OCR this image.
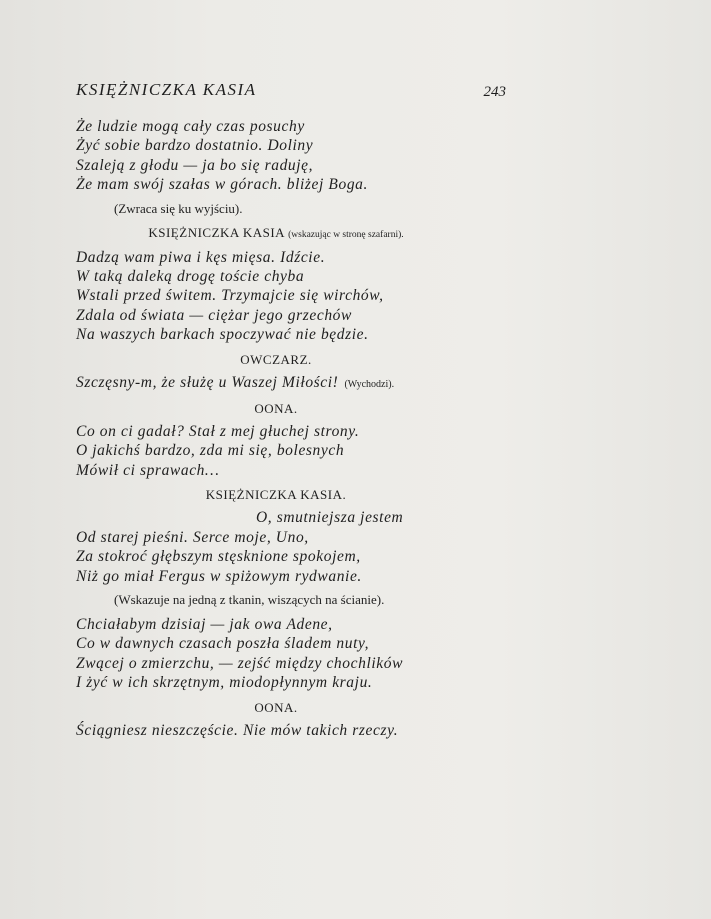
KSIĘŻNICZKA KASIA	243
Że ludzie mogą cały czas posuchy
Żyć sobie bardzo dostatnio. Doliny
Szaleją z głodu — ja bo się raduję,
Że mam swój szałas w górach. bliżej Boga.
(Zwraca się ku wyjściu).
KSIĘŻNICZKA KASIA (wskazując w stronę szafarni).
Dadzą wam piwa i kęs mięsa. Idźcie.
W taką daleką drogę toście chyba
Wstali przed świtem. Trzymajcie się wirchów,
Zdala od świata — ciężar jego grzechów
Na waszych barkach spoczywać nie będzie.
OWCZARZ.
Szczęsny-m, że służę u Waszej Miłości! (Wychodzi).
OONA.
Co on ci gadał? Stał z mej głuchej strony.
O jakichś bardzo, zda mi się, bolesnych
Mówił ci sprawach…
KSIĘŻNICZKA KASIA.
O, smutniejsza jestem
Od starej pieśni. Serce moje, Uno,
Za stokroć głębszym stęsknione spokojem,
Niż go miał Fergus w spiżowym rydwanie.
(Wskazuje na jedną z tkanin, wiszących na ścianie).
Chciałabym dzisiaj — jak owa Adene,
Co w dawnych czasach poszła śladem nuty,
Zwącej o zmierzchu, — zejść między chochlików
I żyć w ich skrzętnym, miodopłynnym kraju.
OONA.
Ściągniesz nieszczęście. Nie mów takich rzeczy.
